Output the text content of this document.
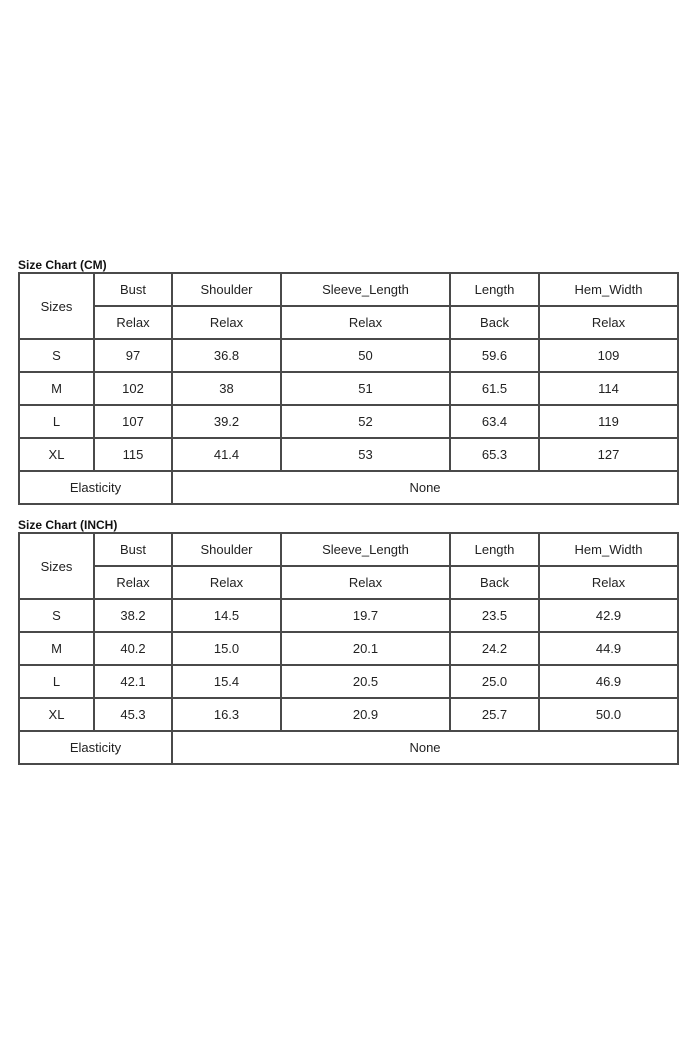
Size Chart (CM)
Sizes	Bust	Shoulder	Sleeve_Length	Length	Hem_Width
	Relax	Relax	Relax	Back	Relax
S	97	36.8	50	59.6	109
M	102	38	51	61.5	114
L	107	39.2	52	63.4	119
XL	115	41.4	53	65.3	127
Elasticity		None			
Size Chart (INCH)
Sizes	Bust	Shoulder	Sleeve_Length	Length	Hem_Width
	Relax	Relax	Relax	Back	Relax
S	38.2	14.5	19.7	23.5	42.9
M	40.2	15.0	20.1	24.2	44.9
L	42.1	15.4	20.5	25.0	46.9
XL	45.3	16.3	20.9	25.7	50.0
Elasticity		None			
